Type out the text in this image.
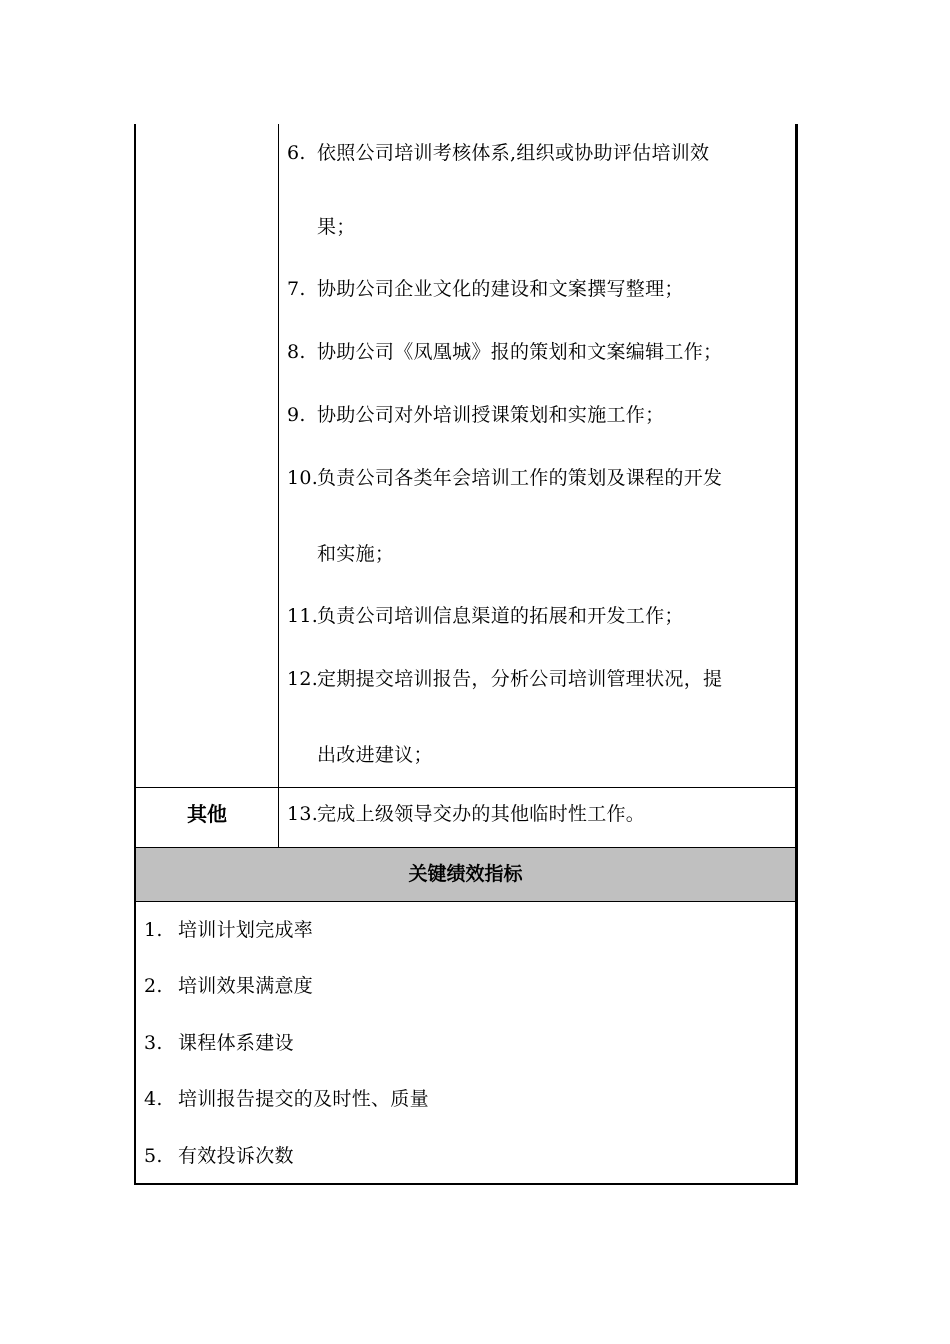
6. 依照公司培训考核体系,组织或协助评估培训效
果；
7. 协助公司企业文化的建设和文案撰写整理；
8. 协助公司《凤凰城》报的策划和文案编辑工作；
9. 协助公司对外培训授课策划和实施工作；
10.负责公司各类年会培训工作的策划及课程的开发
和实施；
11.负责公司培训信息渠道的拓展和开发工作；
12.定期提交培训报告，分析公司培训管理状况，提
出改进建议；
其他	13.完成上级领导交办的其他临时性工作。
关键绩效指标
1. 培训计划完成率
2. 培训效果满意度
3. 课程体系建设
4. 培训报告提交的及时性、质量
5. 有效投诉次数
